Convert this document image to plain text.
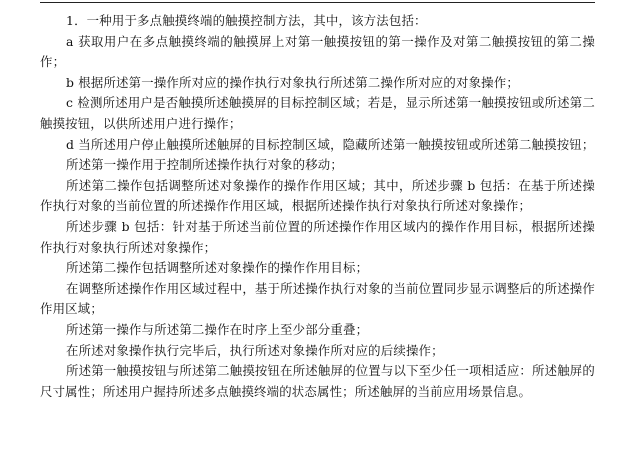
1．一种用于多点触摸终端的触摸控制方法，其中，该方法包括：

a 获取用户在多点触摸终端的触摸屏上对第一触摸按钮的第一操作及对第二触摸按钮的第二操作；

b 根据所述第一操作所对应的操作执行对象执行所述第二操作所对应的对象操作；

c 检测所述用户是否触摸所述触摸屏的目标控制区域；若是，显示所述第一触摸按钮或所述第二触摸按钮，以供所述用户进行操作；

d 当所述用户停止触摸所述触屏的目标控制区域，隐藏所述第一触摸按钮或所述第二触摸按钮；

所述第一操作用于控制所述操作执行对象的移动；

所述第二操作包括调整所述对象操作的操作作用区域；其中，所述步骤 b 包括：在基于所述操作执行对象的当前位置的所述操作作用区域，根据所述操作执行对象执行所述对象操作；

所述步骤 b 包括：针对基于所述当前位置的所述操作作用区域内的操作作用目标，根据所述操作执行对象执行所述对象操作；

所述第二操作包括调整所述对象操作的操作作用目标；

在调整所述操作作用区域过程中，基于所述操作执行对象的当前位置同步显示调整后的所述操作作用区域；

所述第一操作与所述第二操作在时序上至少部分重叠；

在所述对象操作执行完毕后，执行所述对象操作所对应的后续操作；

所述第一触摸按钮与所述第二触摸按钮在所述触屏的位置与以下至少任一项相适应：所述触屏的尺寸属性；所述用户握持所述多点触摸终端的状态属性；所述触屏的当前应用场景信息。
